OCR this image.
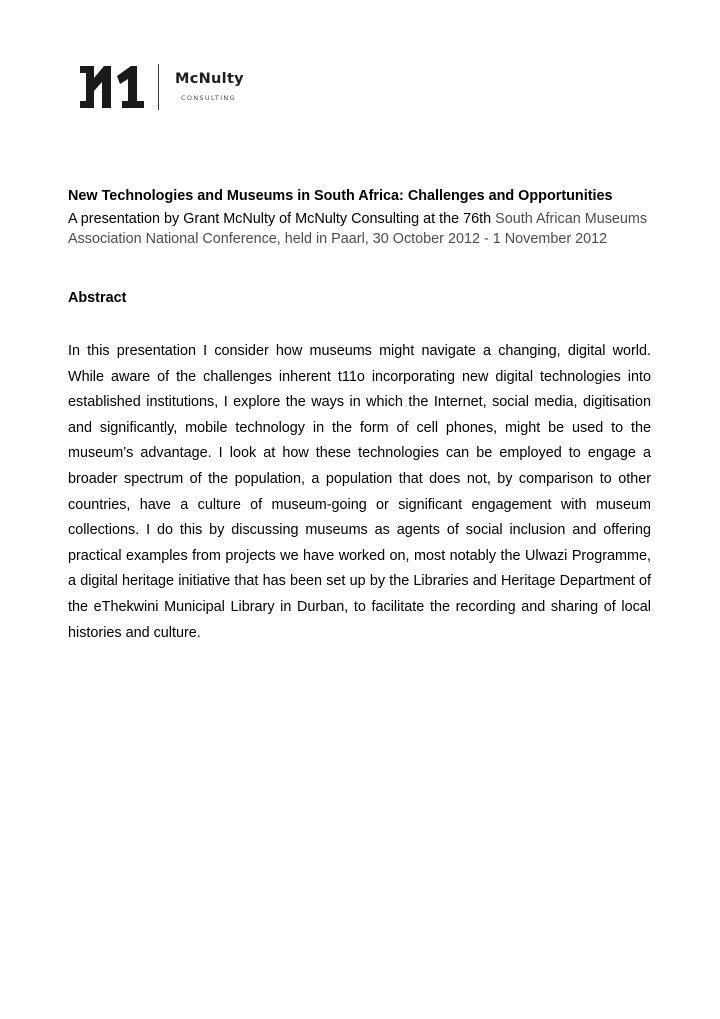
McNulty

CONSULTING

New Technologies and Museums in South Africa: Challenges and Opportunities

A presentation by Grant McNulty of McNulty Consulting at the 76th South African Museums Association National Conference, held in Paarl, 30 October 2012 - 1 November 2012

Abstract

In this presentation I consider how museums might navigate a changing, digital world. While aware of the challenges inherent t11o incorporating new digital technologies into established institutions, I explore the ways in which the Internet, social media, digitisation and significantly, mobile technology in the form of cell phones, might be used to the museum’s advantage. I look at how these technologies can be employed to engage a broader spectrum of the population, a population that does not, by comparison to other countries, have a culture of museum-going or significant engagement with museum collections. I do this by discussing museums as agents of social inclusion and offering practical examples from projects we have worked on, most notably the Ulwazi Programme, a digital heritage initiative that has been set up by the Libraries and Heritage Department of the eThekwini Municipal Library in Durban, to facilitate the recording and sharing of local histories and culture.
